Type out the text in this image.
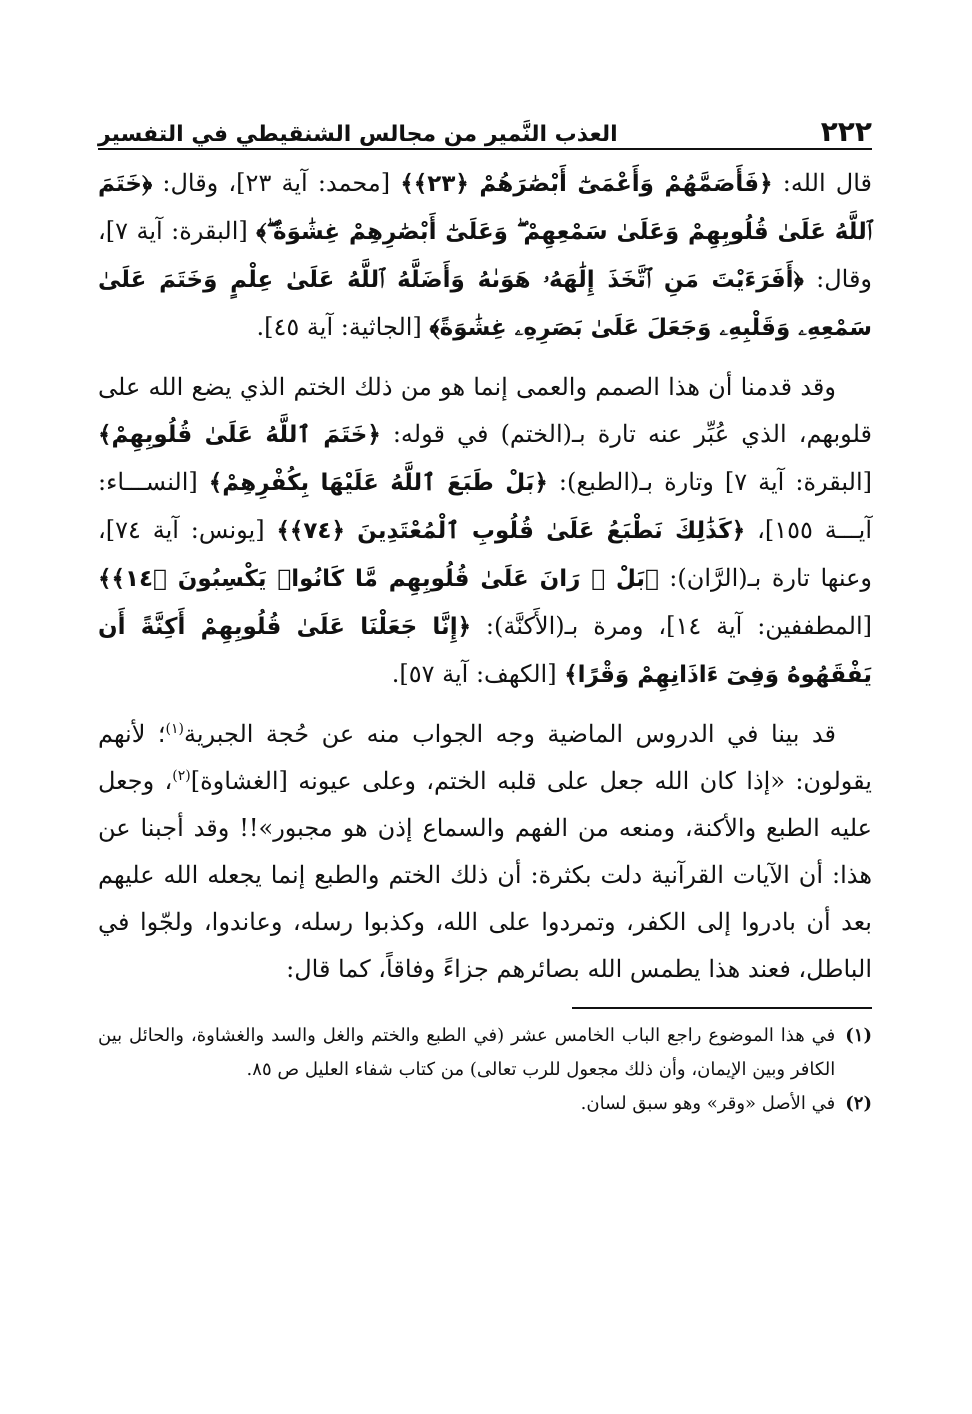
٢٢٢
العذب النَّمير من مجالس الشنقيطي في التفسير

قال الله: ﴿فَأَصَمَّهُمْ وَأَعْمَىٰٓ أَبْصَٰرَهُمْ ﴿٢٣﴾﴾ [محمد: آية ٢٣]، وقال: ﴿خَتَمَ ٱللَّهُ عَلَىٰ قُلُوبِهِمْ وَعَلَىٰ سَمْعِهِمْ ۖ وَعَلَىٰٓ أَبْصَٰرِهِمْ غِشَٰوَةٌ ۖ﴾ [البقرة: آية ٧]، وقال: ﴿أَفَرَءَيْتَ مَنِ ٱتَّخَذَ إِلَٰهَهُۥ هَوَىٰهُ وَأَضَلَّهُ ٱللَّهُ عَلَىٰ عِلْمٍ وَخَتَمَ عَلَىٰ سَمْعِهِۦ وَقَلْبِهِۦ وَجَعَلَ عَلَىٰ بَصَرِهِۦ غِشَٰوَةً﴾ [الجاثية: آية ٤٥].

وقد قدمنا أن هذا الصمم والعمى إنما هو من ذلك الختم الذي يضع الله على قلوبهم، الذي عُبِّر عنه تارة بـ(الختم) في قوله: ﴿خَتَمَ ٱللَّهُ عَلَىٰ قُلُوبِهِمْ﴾ [البقرة: آية ٧] وتارة بـ(الطبع): ﴿بَلْ طَبَعَ ٱللَّهُ عَلَيْهَا بِكُفْرِهِمْ﴾ [النســـاء: آيـــة ١٥٥]، ﴿كَذَٰلِكَ نَطْبَعُ عَلَىٰ قُلُوبِ ٱلْمُعْتَدِينَ ﴿٧٤﴾﴾ [يونس: آية ٧٤]، وعنها تارة بـ(الرَّان): ﴿بَلْ ۜ رَانَ عَلَىٰ قُلُوبِهِم مَّا كَانُوا۟ يَكْسِبُونَ ﴿١٤﴾﴾ [المطففين: آية ١٤]، ومرة بـ(الأَكنَّة): ﴿إِنَّا جَعَلْنَا عَلَىٰ قُلُوبِهِمْ أَكِنَّةً أَن يَفْقَهُوهُ وَفِىٓ ءَاذَانِهِمْ وَقْرًا﴾ [الكهف: آية ٥٧].

قد بينا في الدروس الماضية وجه الجواب منه عن حُجة الجبرية$^{(١)}$؛ لأنهم يقولون: «إذا كان الله جعل على قلبه الختم، وعلى عيونه [الغشاوة]$^{(٢)}$، وجعل عليه الطبع والأكنة، ومنعه من الفهم والسماع إذن هو مجبور»!! وقد أجبنا عن هذا: أن الآيات القرآنية دلت بكثرة: أن ذلك الختم والطبع إنما يجعله الله عليهم بعد أن بادروا إلى الكفر، وتمردوا على الله، وكذبوا رسله، وعاندوا، ولجّوا في الباطل، فعند هذا يطمس الله بصائرهم جزاءً وفاقاً، كما قال:

(١)
في هذا الموضوع راجع الباب الخامس عشر (في الطبع والختم والغل والسد والغشاوة، والحائل بين الكافر وبين الإيمان، وأن ذلك مجعول للرب تعالى) من كتاب شفاء العليل ص ٨٥.
(٢)
في الأصل «وقر» وهو سبق لسان.
